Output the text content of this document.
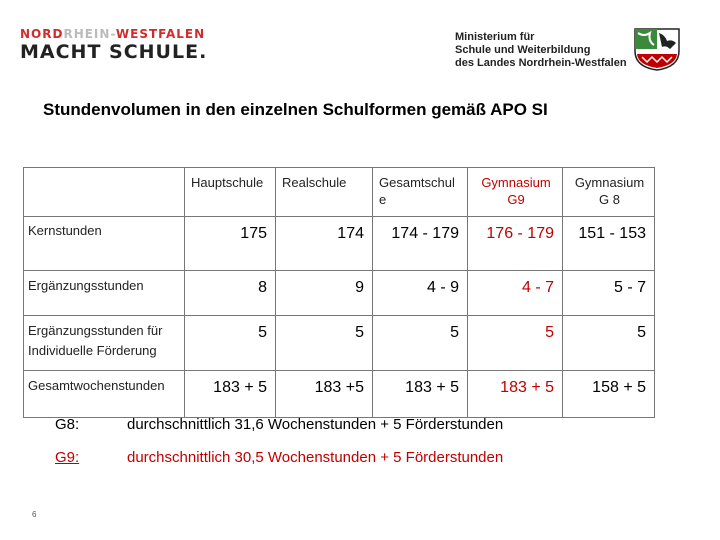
NORDRHEIN-WESTFALEN
MACHT SCHULE.
Ministerium für
Schule und Weiterbildung
des Landes Nordrhein-Westfalen
Stundenvolumen in den einzelnen Schulformen gemäß APO SI
	Hauptschule	Realschule	Gesamtschul e	Gymnasium G9	Gymnasium G 8
Kernstunden	175	174	174 - 179	176 - 179	151 - 153
Ergänzungsstunden	8	9	4 - 9	4 - 7	5 - 7
Ergänzungsstunden für Individuelle Förderung	5	5	5	5	5
Gesamtwochenstunden	183 + 5	183 +5	183 + 5	183 + 5	158 + 5
G8:	durchschnittlich 31,6 Wochenstunden + 5 Förderstunden
G9:	durchschnittlich 30,5 Wochenstunden + 5 Förderstunden
6
